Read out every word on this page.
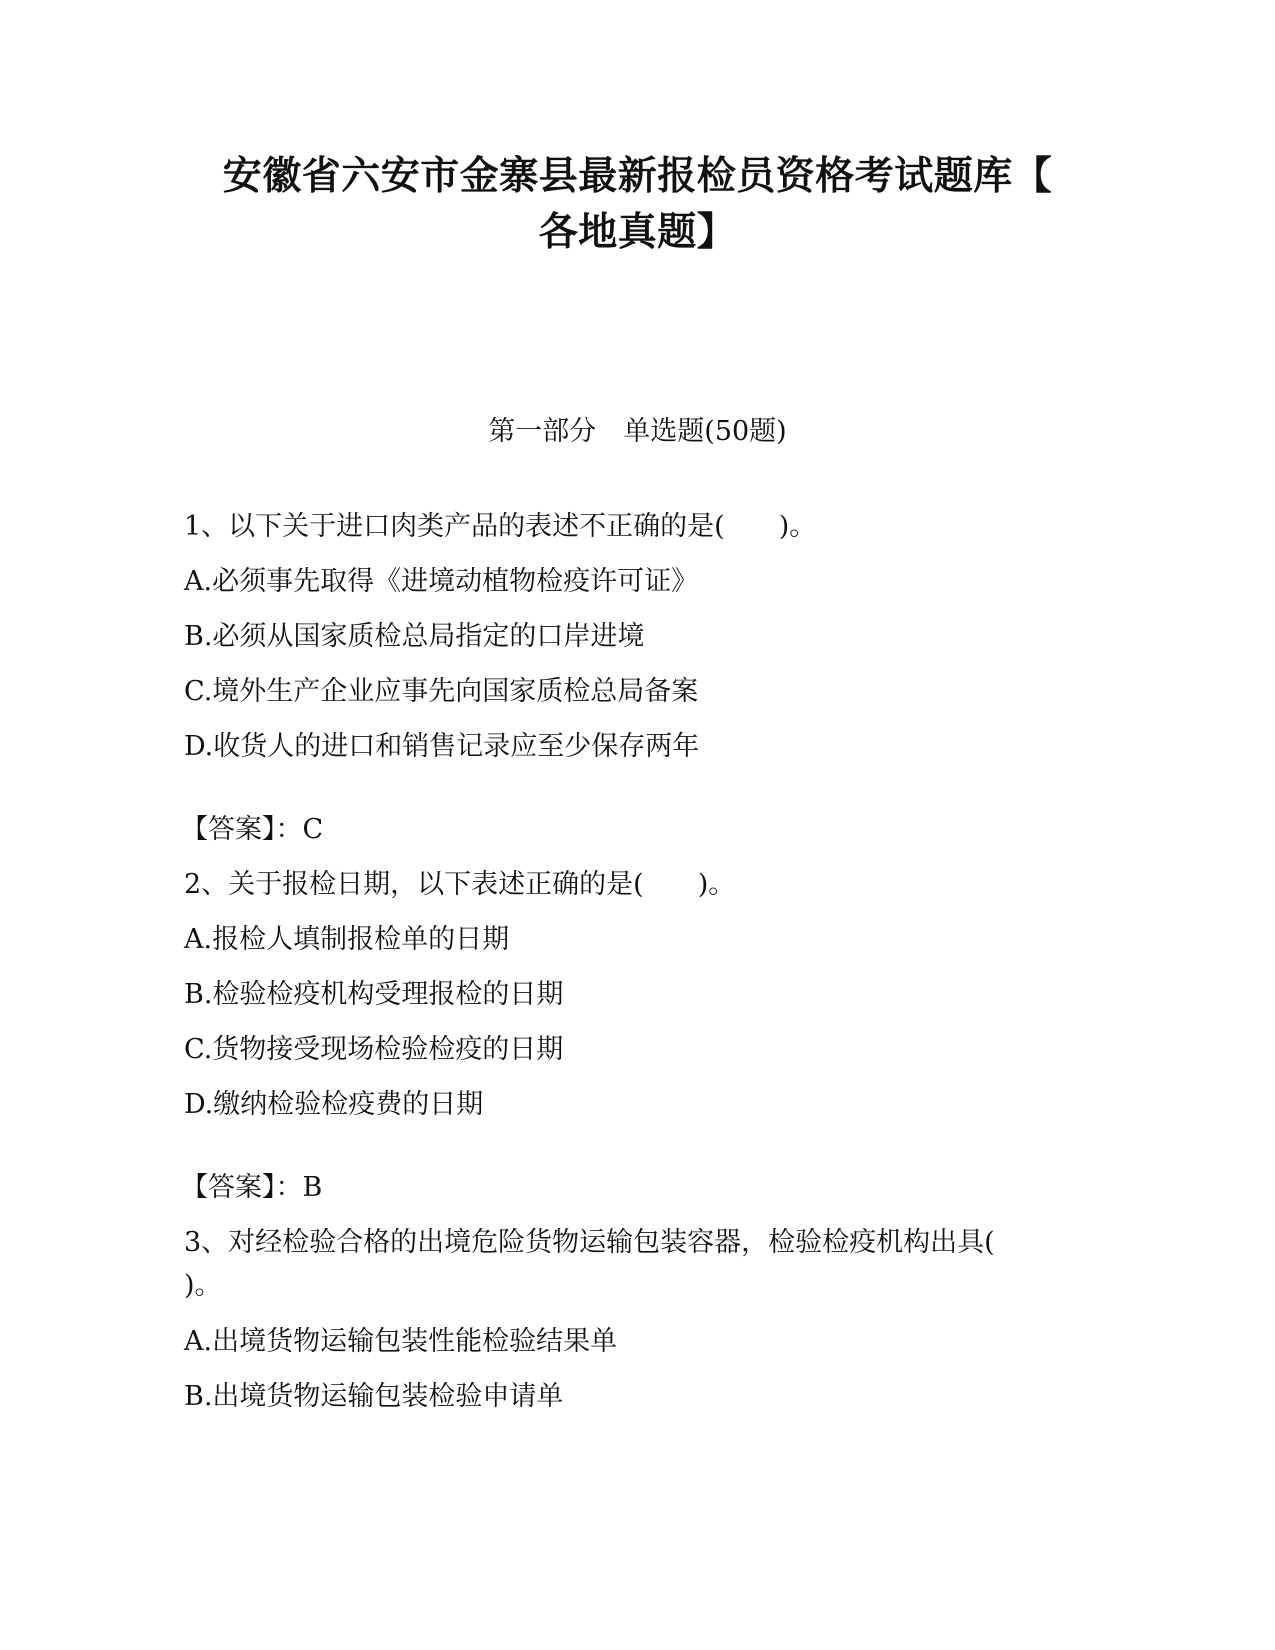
安徽省六安市金寨县最新报检员资格考试题库【
各地真题】
第一部分　单选题(50题)
1、以下关于进口肉类产品的表述不正确的是(　　)。
A.必须事先取得《进境动植物检疫许可证》
B.必须从国家质检总局指定的口岸进境
C.境外生产企业应事先向国家质检总局备案
D.收货人的进口和销售记录应至少保存两年
【答案】：C
2、关于报检日期，以下表述正确的是(　　)。
A.报检人填制报检单的日期
B.检验检疫机构受理报检的日期
C.货物接受现场检验检疫的日期
D.缴纳检验检疫费的日期
【答案】：B
3、对经检验合格的出境危险货物运输包装容器，检验检疫机构出具(
)。
A.出境货物运输包装性能检验结果单
B.出境货物运输包装检验申请单
